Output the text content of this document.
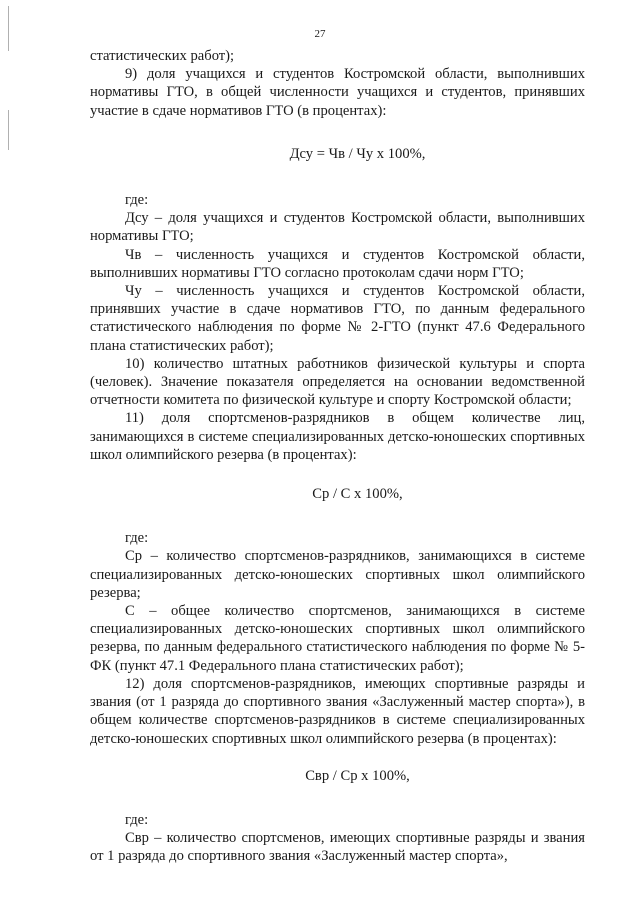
27

статистических работ);

9) доля учащихся и студентов Костромской области, выполнивших нормативы ГТО, в общей численности учащихся и студентов, принявших участие в сдаче нормативов ГТО (в процентах):

Дсу = Чв / Чу х 100%,

где:

Дсу – доля учащихся и студентов Костромской области, выполнивших нормативы ГТО;

Чв – численность учащихся и студентов Костромской области, выполнивших нормативы ГТО согласно протоколам сдачи норм ГТО;

Чу – численность учащихся и студентов Костромской области, принявших участие в сдаче нормативов ГТО, по данным федерального статистического наблюдения по форме № 2-ГТО (пункт 47.6 Федерального плана статистических работ);

10) количество штатных работников физической культуры и спорта (человек). Значение показателя определяется на основании ведомственной отчетности комитета по физической культуре и спорту Костромской области;

11) доля спортсменов-разрядников в общем количестве лиц, занимающихся в системе специализированных детско-юношеских спортивных школ олимпийского резерва (в процентах):

Ср / С х 100%,

где:

Ср – количество спортсменов-разрядников, занимающихся в системе специализированных детско-юношеских спортивных школ олимпийского резерва;

С – общее количество спортсменов, занимающихся в системе специализированных детско-юношеских спортивных школ олимпийского резерва, по данным федерального статистического наблюдения по форме № 5-ФК (пункт 47.1 Федерального плана статистических работ);

12) доля спортсменов-разрядников, имеющих спортивные разряды и звания (от 1 разряда до спортивного звания «Заслуженный мастер спорта»), в общем количестве спортсменов-разрядников в системе специализированных детско-юношеских спортивных школ олимпийского резерва (в процентах):

Свр / Ср х 100%,

где:

Свр – количество спортсменов, имеющих спортивные разряды и звания от 1 разряда до спортивного звания «Заслуженный мастер спорта»,
